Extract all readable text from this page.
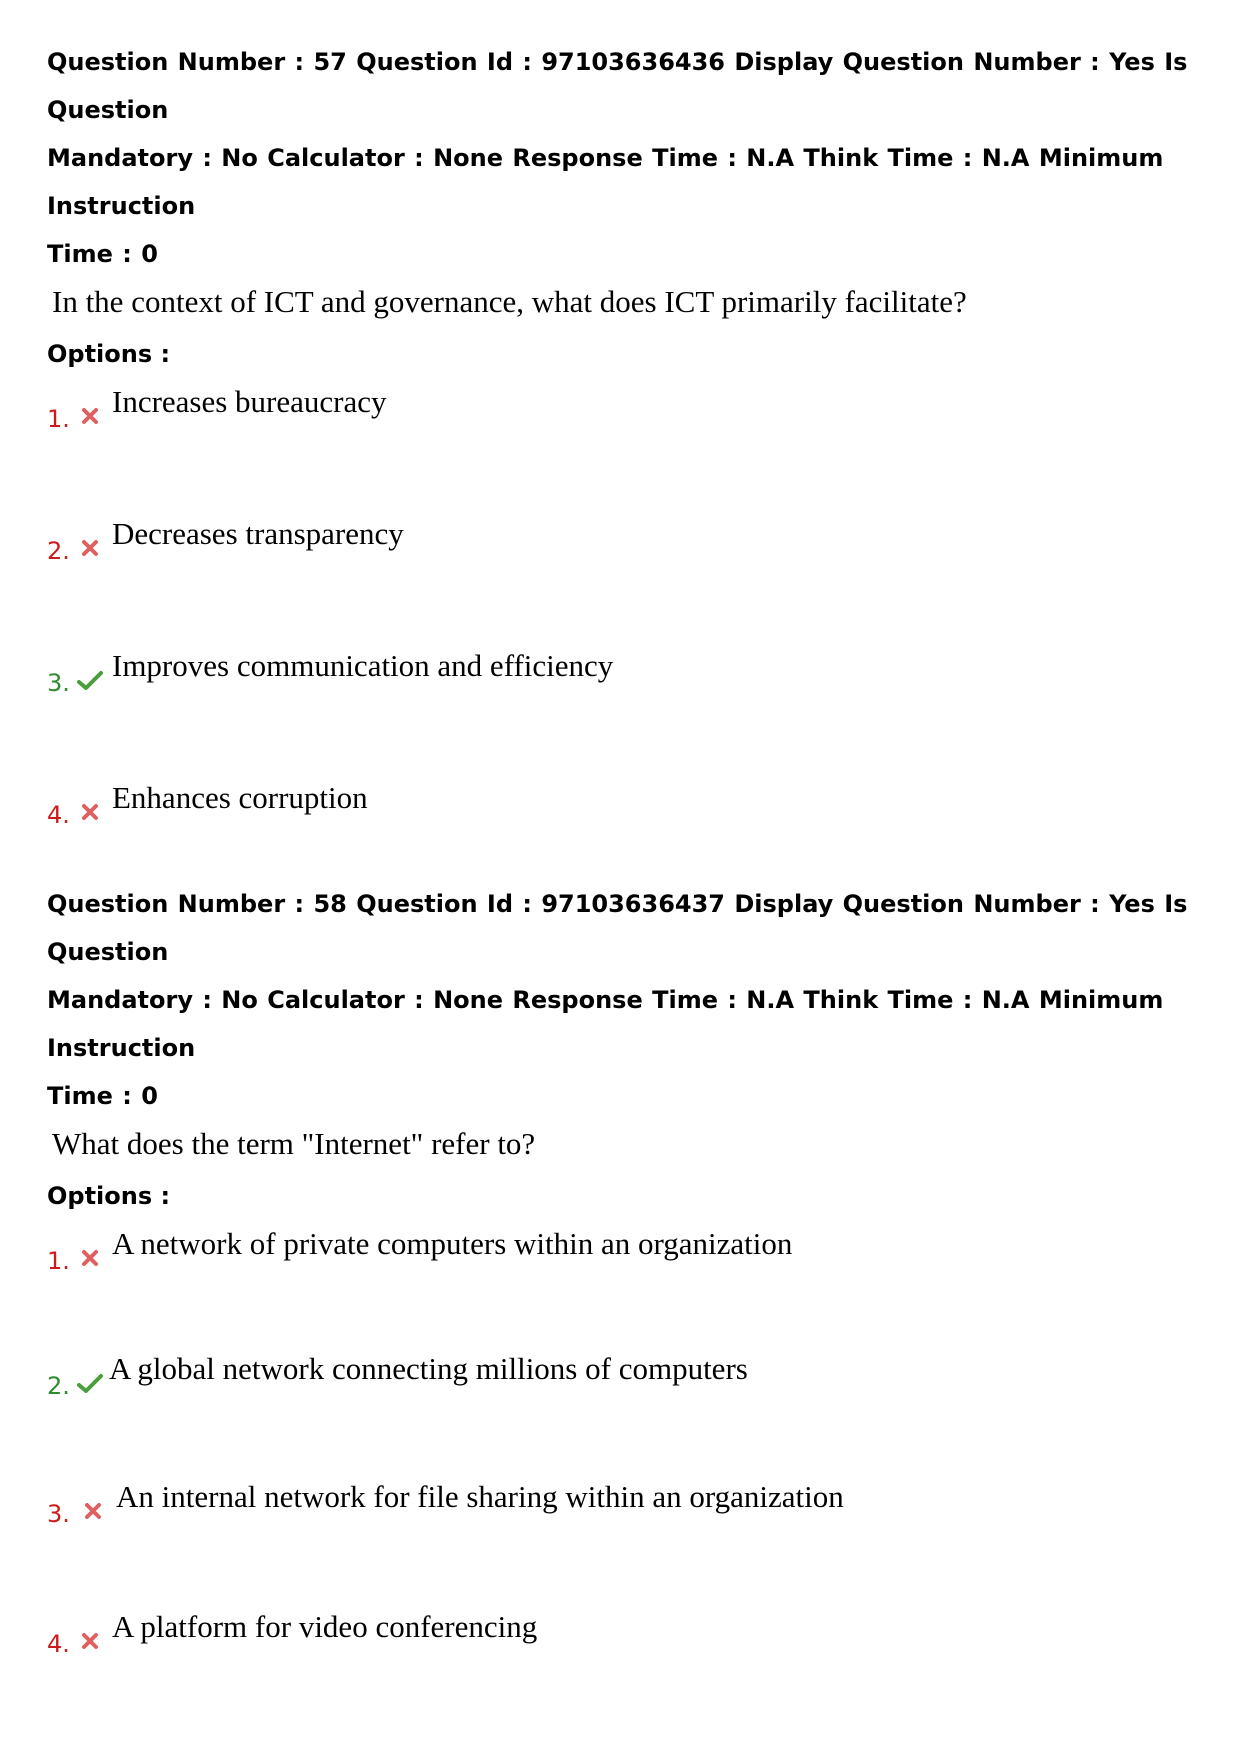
Question Number : 57 Question Id : 97103636436 Display Question Number : Yes Is Question
Mandatory : No Calculator : None Response Time : N.A Think Time : N.A Minimum Instruction
Time : 0
In the context of ICT and governance, what does ICT primarily facilitate?
Options :
1. Increases bureaucracy
2. Decreases transparency
3. Improves communication and efficiency
4. Enhances corruption
Question Number : 58 Question Id : 97103636437 Display Question Number : Yes Is Question
Mandatory : No Calculator : None Response Time : N.A Think Time : N.A Minimum Instruction
Time : 0
What does the term "Internet" refer to?
Options :
1. A network of private computers within an organization
2. A global network connecting millions of computers
3. An internal network for file sharing within an organization
4. A platform for video conferencing
